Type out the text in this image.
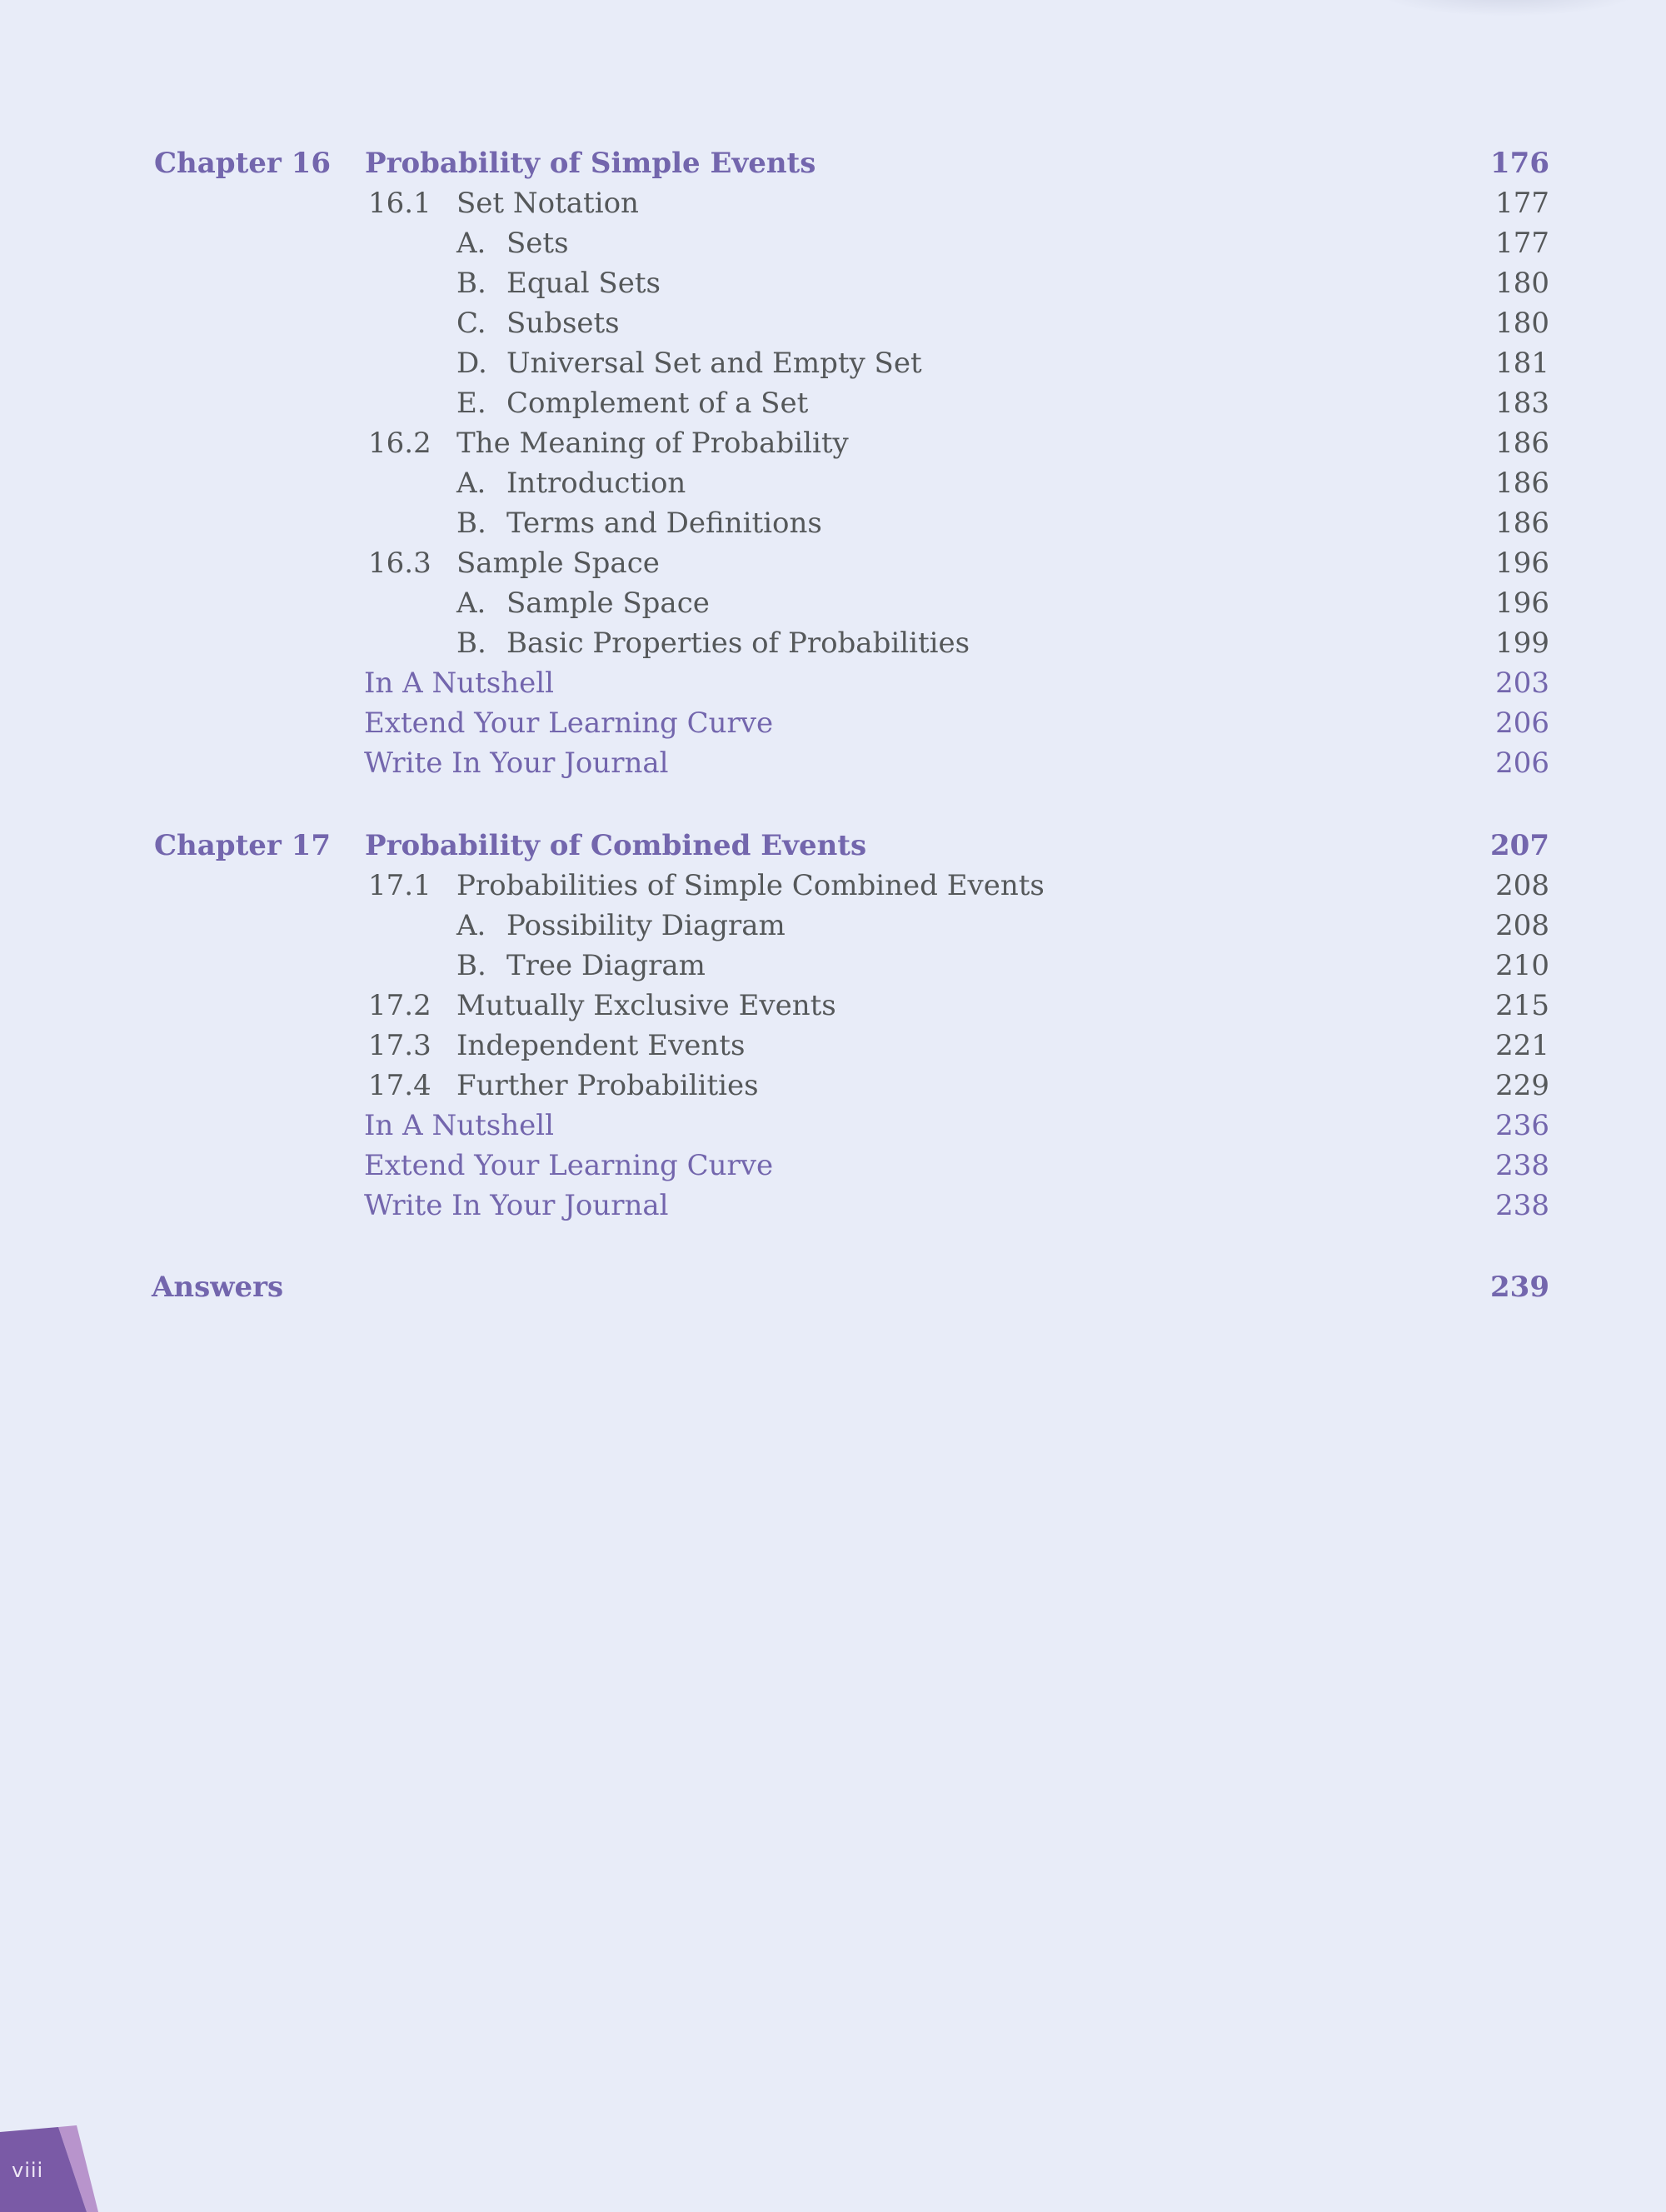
Chapter 16 Probability of Simple Events	176
16.1 Set Notation	177
A. Sets	177
B. Equal Sets	180
C. Subsets	180
D. Universal Set and Empty Set	181
E. Complement of a Set	183
16.2 The Meaning of Probability	186
A. Introduction	186
B. Terms and Definitions	186
16.3 Sample Space	196
A. Sample Space	196
B. Basic Properties of Probabilities	199
In A Nutshell	203
Extend Your Learning Curve	206
Write In Your Journal	206
Chapter 17 Probability of Combined Events	207
17.1 Probabilities of Simple Combined Events	208
A. Possibility Diagram	208
B. Tree Diagram	210
17.2 Mutually Exclusive Events	215
17.3 Independent Events	221
17.4 Further Probabilities	229
In A Nutshell	236
Extend Your Learning Curve	238
Write In Your Journal	238
Answers	239
viii
